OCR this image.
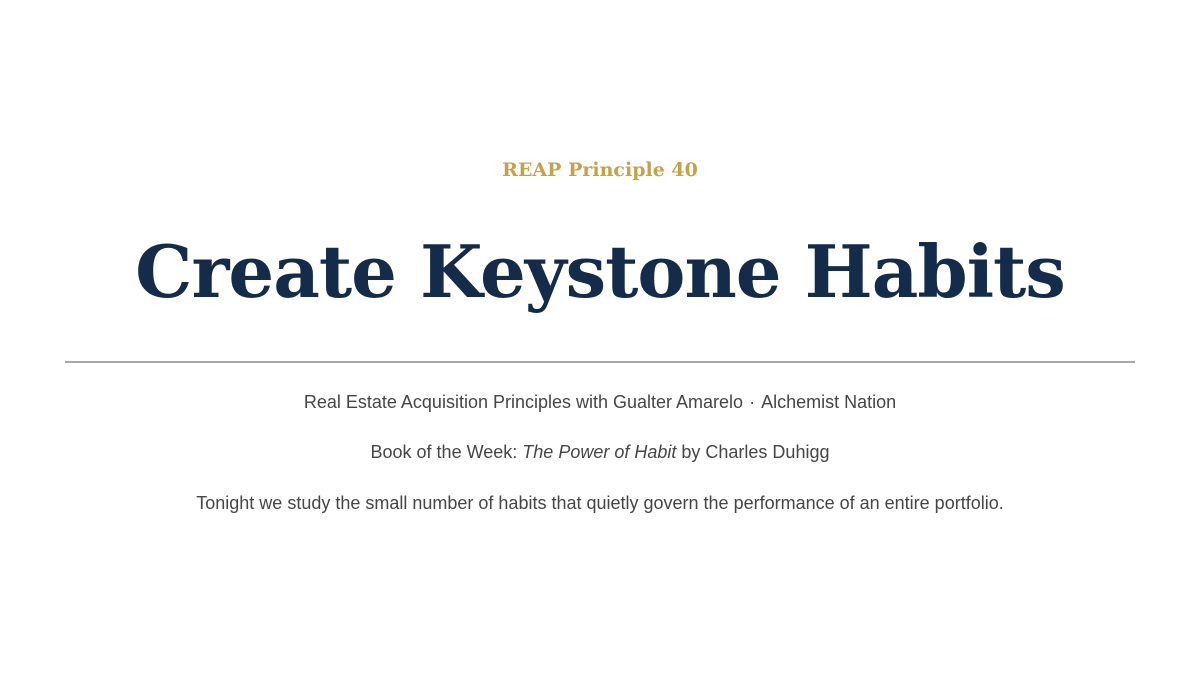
REAP Principle 40
Create Keystone Habits
Real Estate Acquisition Principles with Gualter Amarelo · Alchemist Nation
Book of the Week: The Power of Habit by Charles Duhigg
Tonight we study the small number of habits that quietly govern the performance of an entire portfolio.
